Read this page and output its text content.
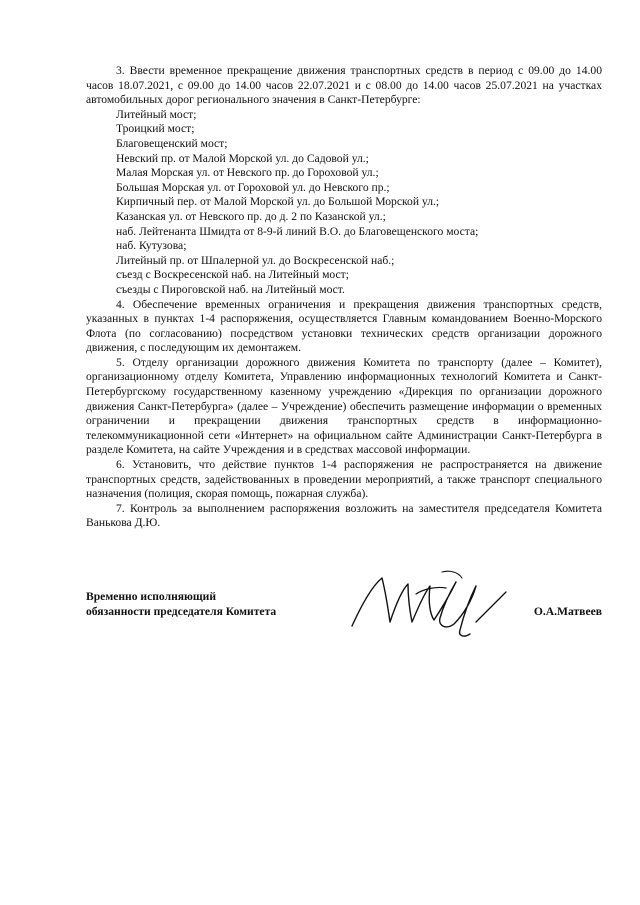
3. Ввести временное прекращение движения транспортных средств в период с 09.00 до 14.00 часов 18.07.2021, с 09.00 до 14.00 часов 22.07.2021 и с 08.00 до 14.00 часов 25.07.2021 на участках автомобильных дорог регионального значения в Санкт-Петербурге:

Литейный мост;

Троицкий мост;

Благовещенский мост;

Невский пр. от Малой Морской ул. до Садовой ул.;

Малая Морская ул. от Невского пр. до Гороховой ул.;

Большая Морская ул. от Гороховой ул. до Невского пр.;

Кирпичный пер. от Малой Морской ул. до Большой Морской ул.;

Казанская ул. от Невского пр. до д. 2 по Казанской ул.;

наб. Лейтенанта Шмидта от 8-9-й линий В.О. до Благовещенского моста;

наб. Кутузова;

Литейный пр. от Шпалерной ул. до Воскресенской наб.;

съезд с Воскресенской наб. на Литейный мост;

съезды с Пироговской наб. на Литейный мост.

4. Обеспечение временных ограничения и прекращения движения транспортных средств, указанных в пунктах 1-4 распоряжения, осуществляется Главным командованием Военно-Морского Флота (по согласованию) посредством установки технических средств организации дорожного движения, с последующим их демонтажем.

5. Отделу организации дорожного движения Комитета по транспорту (далее – Комитет), организационному отделу Комитета, Управлению информационных технологий Комитета и Санкт-Петербургскому государственному казенному учреждению «Дирекция по организации дорожного движения Санкт-Петербурга» (далее – Учреждение) обеспечить размещение информации о временных ограничении и прекращении движения транспортных средств в информационно-телекоммуникационной сети «Интернет» на официальном сайте Администрации Санкт-Петербурга в разделе Комитета, на сайте Учреждения и в средствах массовой информации.

6. Установить, что действие пунктов 1-4 распоряжения не распространяется на движение транспортных средств, задействованных в проведении мероприятий, а также транспорт специального назначения (полиция, скорая помощь, пожарная служба).

7. Контроль за выполнением распоряжения возложить на заместителя председателя Комитета Ванькова Д.Ю.

Временно исполняющий
обязанности председателя Комитета	О.А.Матвеев
